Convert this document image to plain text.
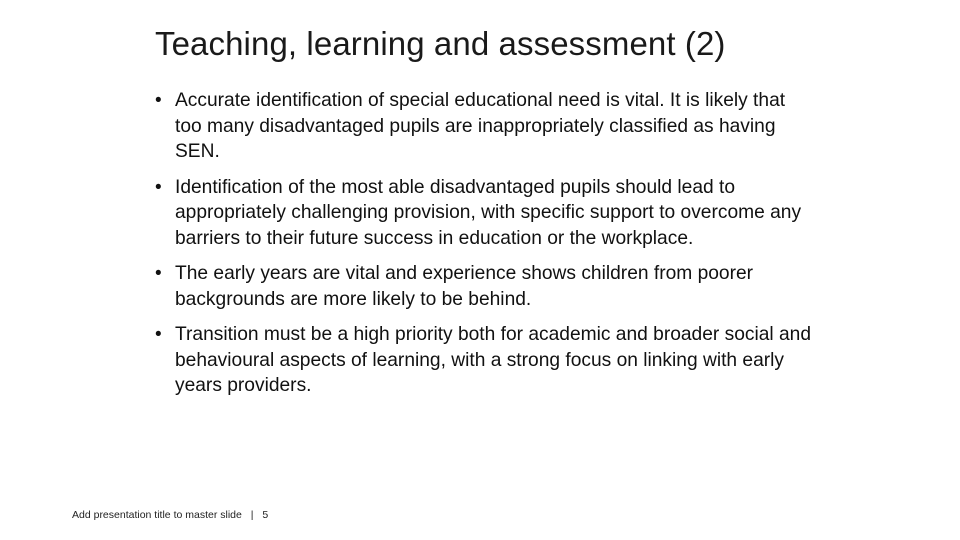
Teaching, learning and assessment (2)
• Accurate identification of special educational need is vital. It is likely that too many disadvantaged pupils are inappropriately classified as having SEN.
• Identification of the most able disadvantaged pupils should lead to appropriately challenging provision, with specific support to overcome any barriers to their future success in education or the workplace.
• The early years are vital and experience shows children from poorer backgrounds are more likely to be behind.
• Transition must be a high priority both for academic and broader social and behavioural aspects of learning, with a strong focus on linking with early years providers.
Add presentation title to master slide | 5
